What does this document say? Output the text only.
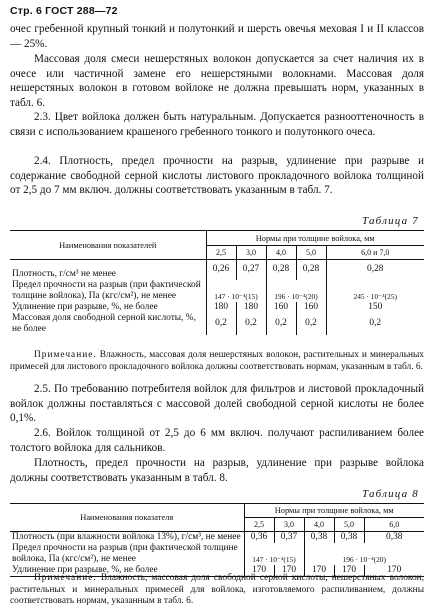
Стр. 6 ГОСТ 288—72

очес гребенной крупный тонкий и полутонкий и шерсть овечья меховая I и II классов — 25%.

Массовая доля смеси нешерстяных волокон допускается за счет наличия их в очесе или частичной замене его нешерстяными волокнами. Массовая доля нешерстяных волокон в готовом войлоке не должна превышать норм, указанных в табл. 6.

2.3. Цвет войлока должен быть натуральным. Допускается разнооттеночность в связи с использованием крашеного гребенного тонкого и полутонкого очеса.

2.4. Плотность, предел прочности на разрыв, удлинение при разрыве и содержание свободной серной кислоты листового прокладочного войлока толщиной от 2,5 до 7 мм включ. должны соответствовать указанным в табл. 7.

Таблица 7
Наименования показателей	Нормы при толщине войлока, мм				
	2,5	3,0	4,0	5,0	6,0 и 7,0
Плотность, г/см³ не менее	0,26	0,27	0,28	0,28	0,28
Предел прочности на разрыв (при фактической толщине войлока), Па (кгс/см²), не менее	147 · 10⁻⁴(15)		196 · 10⁻⁴(20)		245 · 10⁻⁴(25)
Удлинение при разрыве, %, не более	180	180	160	160	150
Массовая доля свободной серной кислоты, %, не более	0,2	0,2	0,2	0,2	0,2

Примечание. Влажность, массовая доля нешерстяных волокон, растительных и минеральных примесей для листового прокладочного войлока должны соответствовать нормам, указанным в табл. 6.

2.5. По требованию потребителя войлок для фильтров и листовой прокладочный войлок должны поставляться с массовой долей свободной серной кислоты не более 0,1%.

2.6. Войлок толщиной от 2,5 до 6 мм включ. получают распиливанием более толстого войлока для сальников.

Плотность, предел прочности на разрыв, удлинение при разрыве войлока должны соответствовать указанным в табл. 8.

Таблица 8
Наименования показателя	Нормы при толщине войлока, мм				
	2,5	3,0	4,0	5,0	6,0
Плотность (при влажности войлока 13%), г/см³, не менее	0,36	0,37	0,38	0,38	0,38
Предел прочности на разрыв (при фактической толщине войлока, Па (кгс/см²), не менее	147 · 10⁻⁴(15)		196 · 10⁻⁴(20)		
Удлинение при разрыве, %, не более	170	170	170	170	170

Примечание. Влажность, массовая доля свободной серной кислоты, нешерстяных волокон, растительных и минеральных примесей для войлока, изготовляемого распиливанием, должны соответствовать нормам, указанным в табл. 6.
